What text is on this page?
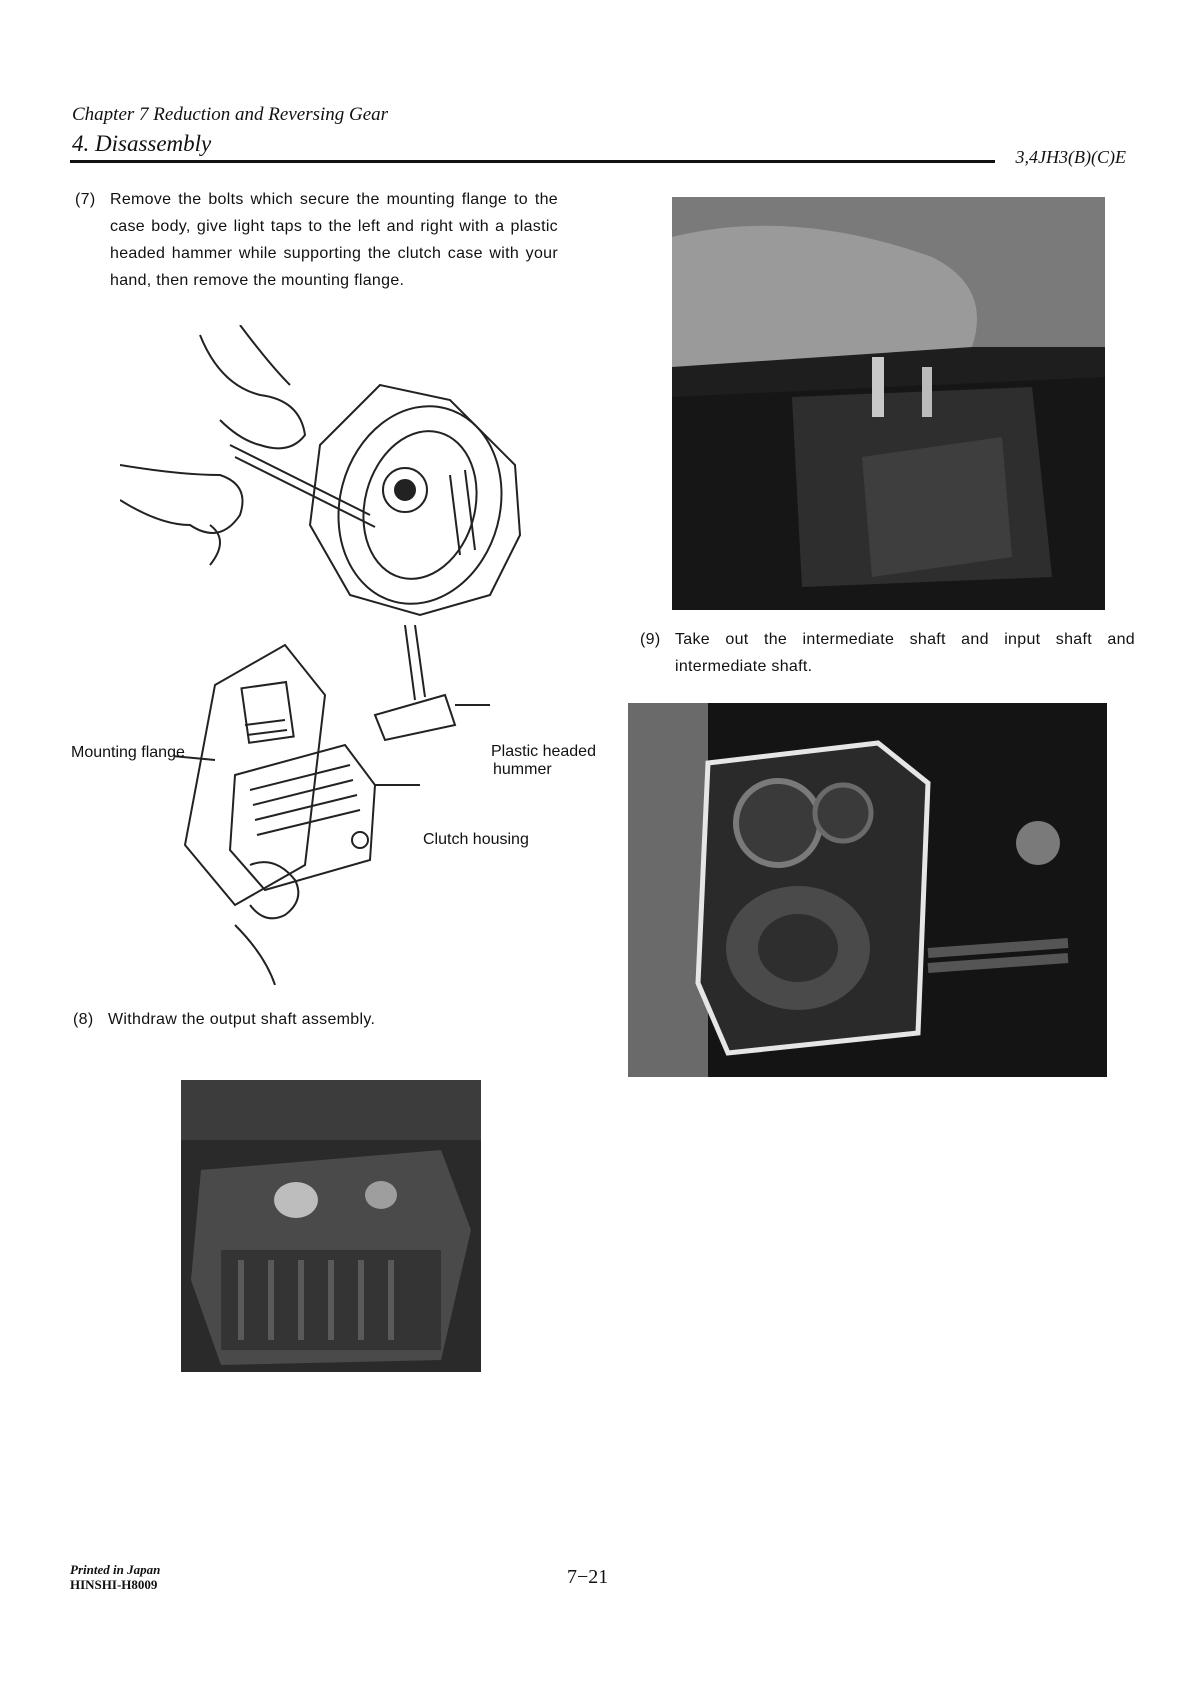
Chapter 7 Reduction and Reversing Gear
4. Disassembly
3,4JH3(B)(C)E
(7) Remove the bolts which secure the mounting flange to the case body, give light taps to the left and right with a plastic headed hammer while supporting the clutch case with your hand, then remove the mounting flange.
Mounting flange	Plastic headed
hummer
Clutch housing
(8) Withdraw the output shaft assembly.
(9) Take out the intermediate shaft and input shaft and intermediate shaft.
Printed in Japan
HINSHI-H8009	7−21
